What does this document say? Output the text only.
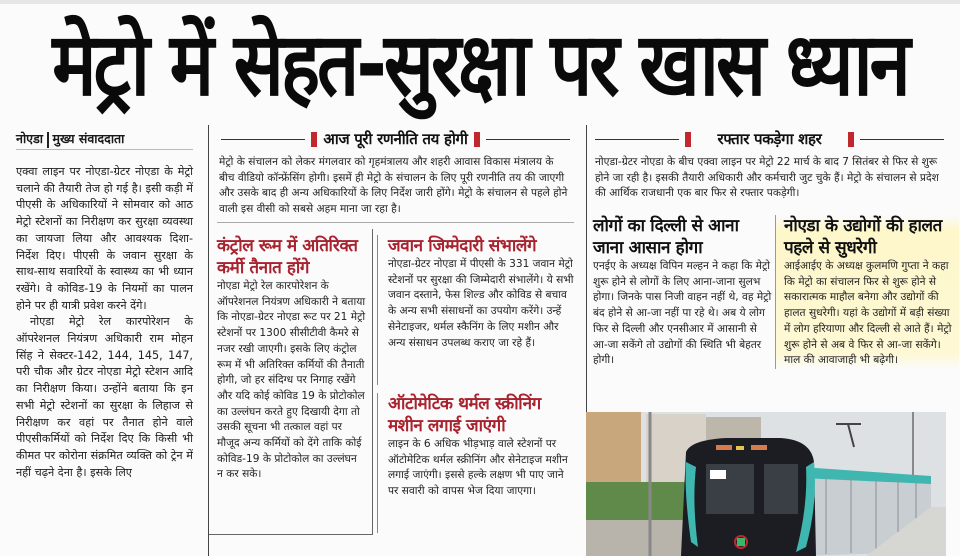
मेट्रो में सेहत-सुरक्षा पर खास ध्यान
नोएडा मुख्य संवाददाता

एक्वा लाइन पर नोएडा-ग्रेटर नोएडा के मेट्रो चलाने की तैयारी तेज हो गई है। इसी कड़ी में पीएसी के अधिकारियों ने सोमवार को आठ मेट्रो स्टेशनों का निरीक्षण कर सुरक्षा व्यवस्था का जायजा लिया और आवश्यक दिशा-निर्देश दिए। पीएसी के जवान सुरक्षा के साथ-साथ सवारियों के स्वास्थ्य का भी ध्यान रखेंगे। वे कोविड-19 के नियमों का पालन होने पर ही यात्री प्रवेश करने देंगे।

नोएडा मेट्रो रेल कारपोरेशन के ऑपरेशनल नियंत्रण अधिकारी राम मोहन सिंह ने सेक्टर-142, 144, 145, 147, परी चौक और ग्रेटर नोएडा मेट्रो स्टेशन आदि का निरीक्षण किया। उन्होंने बताया कि इन सभी मेट्रो स्टेशनों का सुरक्षा के लिहाज से निरीक्षण कर वहां पर तैनात होने वाले पीएसीकर्मियों को निर्देश दिए कि किसी भी कीमत पर कोरोना संक्रमित व्यक्ति को ट्रेन में नहीं चढ़ने देना है। इसके लिए

आज पूरी रणनीति तय होगी
मेट्रो के संचालन को लेकर मंगलवार को गृहमंत्रालय और शहरी आवास विकास मंत्रालय के बीच वीडियो कॉन्फ्रेंसिंग होगी। इसमें ही मेट्रो के संचालन के लिए पूरी रणनीति तय की जाएगी और उसके बाद ही अन्य अधिकारियों के लिए निर्देश जारी होंगे। मेट्रो के संचालन से पहले होने वाली इस वीसी को सबसे अहम माना जा रहा है।
कंट्रोल रूम में अतिरिक्त कर्मी तैनात होंगे
नोएडा मेट्रो रेल कारपोरेशन के ऑपरेशनल नियंत्रण अधिकारी ने बताया कि नोएडा-ग्रेटर नोएडा रूट पर 21 मेट्रो स्टेशनों पर 1300 सीसीटीवी कैमरे से नजर रखी जाएगी। इसके लिए कंट्रोल रूम में भी अतिरिक्त कर्मियों की तैनाती होगी, जो हर संदिग्ध पर निगाह रखेंगे और यदि कोई कोविड 19 के प्रोटोकोल का उल्लंघन करते हुए दिखायी देगा तो उसकी सूचना भी तत्काल वहां पर मौजूद अन्य कर्मियों को देंगे ताकि कोई कोविड-19 के प्रोटोकोल का उल्लंघन न कर सके।
जवान जिम्मेदारी संभालेंगे
नोएडा-ग्रेटर नोएडा में पीएसी के 331 जवान मेट्रो स्टेशनों पर सुरक्षा की जिम्मेदारी संभालेंगे। ये सभी जवान दस्ताने, फेस शिल्ड और कोविड से बचाव के अन्य सभी संसाधनों का उपयोग करेंगे। उन्हें सेनेटाइजर, थर्मल स्कैनिंग के लिए मशीन और अन्य संसाधन उपलब्ध कराए जा रहे हैं।
ऑटोमेटिक थर्मल स्क्रीनिंग मशीन लगाई जाएंगी
लाइन के 6 अधिक भीड़भाड़ वाले स्टेशनों पर ऑटोमेटिक थर्मल स्क्रीनिंग और सेनेटाइज मशीन लगाई जाएंगी। इससे हल्के लक्षण भी पाए जाने पर सवारी को वापस भेज दिया जाएगा।
रफ्तार पकड़ेगा शहर
नोएडा-ग्रेटर नोएडा के बीच एक्वा लाइन पर मेट्रो 22 मार्च के बाद 7 सितंबर से फिर से शुरू होने जा रही है। इसकी तैयारी अधिकारी और कर्मचारी जुट चुके हैं। मेट्रो के संचालन से प्रदेश की आर्थिक राजधानी एक बार फिर से रफ्तार पकड़ेगी।
लोगों का दिल्ली से आना जाना आसान होगा
एनईए के अध्यक्ष विपिन मल्हन ने कहा कि मेट्रो शुरू होने से लोगों के लिए आना-जाना सुलभ होगा। जिनके पास निजी वाहन नहीं थे, वह मेट्रो बंद होने से आ-जा नहीं पा रहे थे। अब ये लोग फिर से दिल्ली और एनसीआर में आसानी से आ-जा सकेंगे तो उद्योगों की स्थिति भी बेहतर होगी।
नोएडा के उद्योगों की हालत पहले से सुधरेगी
आईआईए के अध्यक्ष कुलमणि गुप्ता ने कहा कि मेट्रो का संचालन फिर से शुरू होने से सकारात्मक माहौल बनेगा और उद्योगों की हालत सुधरेगी। यहां के उद्योगों में बड़ी संख्या में लोग हरियाणा और दिल्ली से आते हैं। मेट्रो शुरू होने से अब वे फिर से आ-जा सकेंगे। माल की आवाजाही भी बढ़ेगी।
